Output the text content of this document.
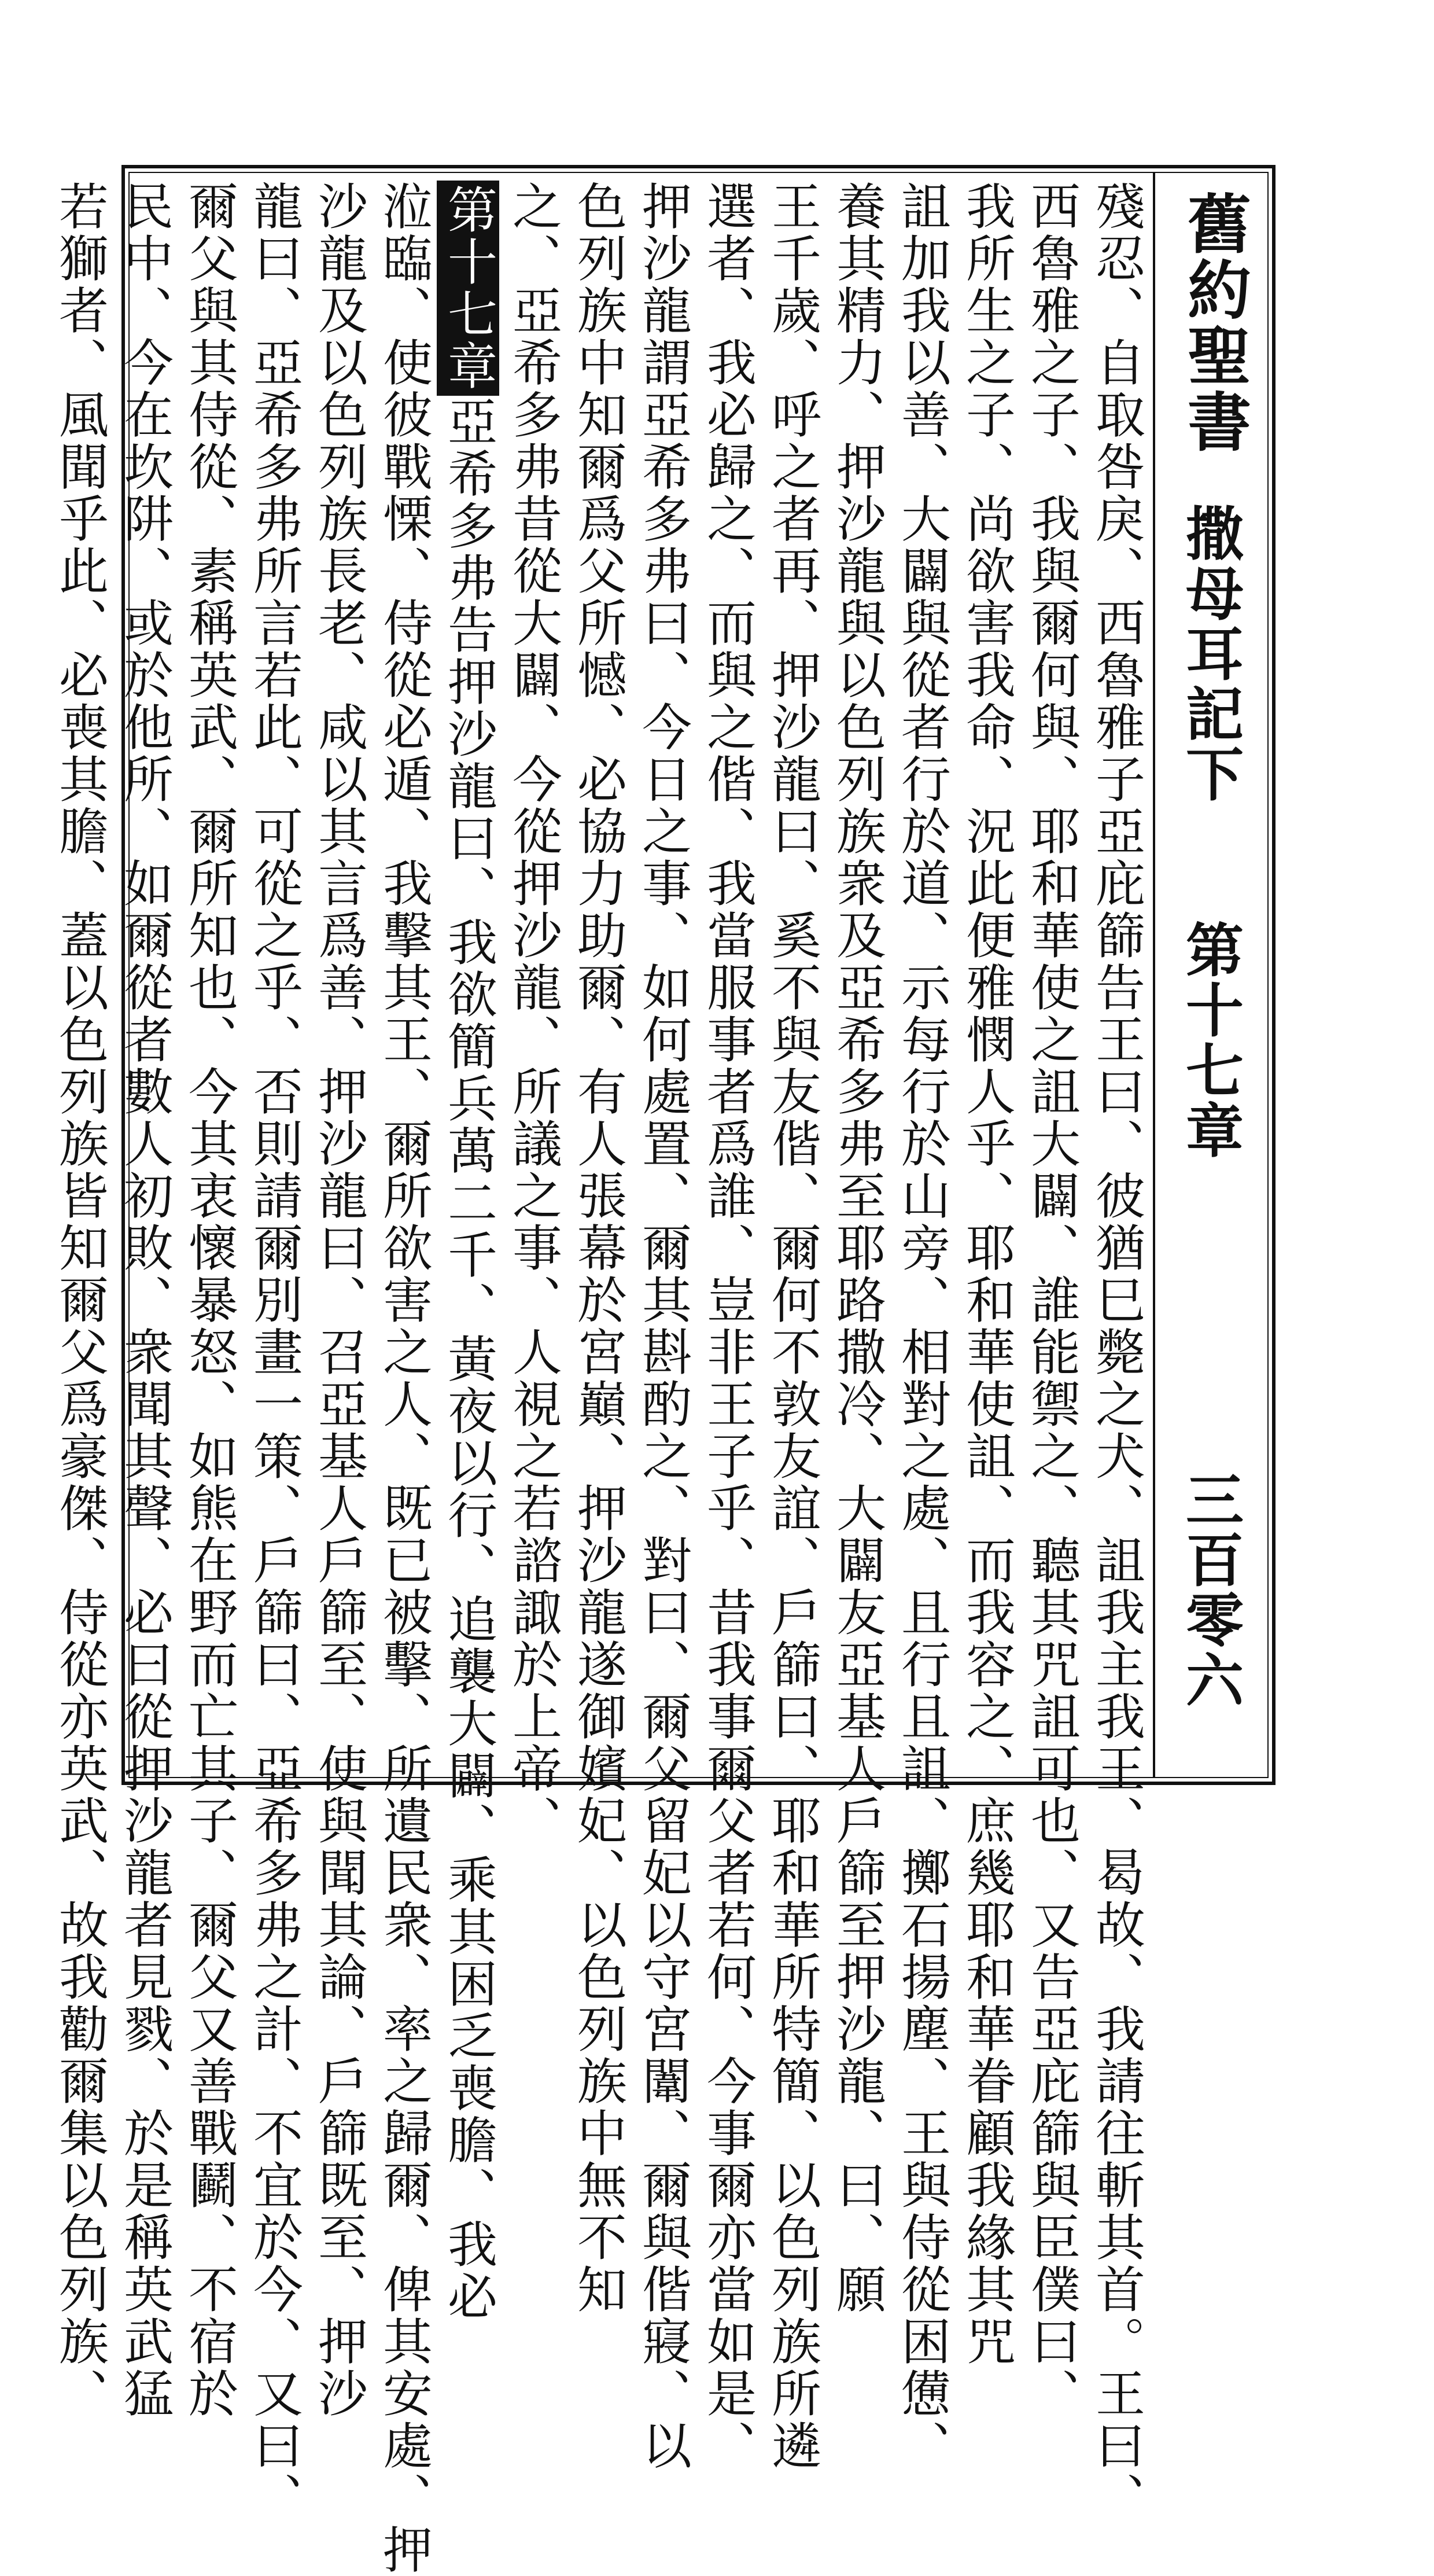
舊約聖書
撒母耳記下
第十七章
三百零六
殘忍、自取咎戾、西魯雅子亞庇篩告王曰、彼猶巳斃之犬、詛我主我王、曷故、我請往斬其首。王曰、
西魯雅之子、我與爾何與、耶和華使之詛大闢、誰能禦之、聽其咒詛可也、又告亞庇篩與臣僕曰、
我所生之子、尚欲害我命、況此便雅憫人乎、耶和華使詛、而我容之、庶幾耶和華眷顧我緣其咒
詛加我以善、大闢與從者行於道、示每行於山旁、相對之處、且行且詛、擲石揚塵、王與侍從困憊、
養其精力、押沙龍與以色列族衆及亞希多弗至耶路撒冷、大闢友亞基人戶篩至押沙龍、曰、願
王千歲、呼之者再、押沙龍曰、奚不與友偕、爾何不敦友誼、戶篩曰、耶和華所特簡、以色列族所遴
選者、我必歸之、而與之偕、我當服事者爲誰、豈非王子乎、昔我事爾父者若何、今事爾亦當如是、
押沙龍謂亞希多弗曰、今日之事、如何處置、爾其斟酌之、對曰、爾父留妃以守宮闈、爾與偕寢、以
色列族中知爾爲父所憾、必協力助爾、有人張幕於宮巔、押沙龍遂御嬪妃、以色列族中無不知
之、亞希多弗昔從大闢、今從押沙龍、所議之事、人視之若諮諏於上帝、
第十七章亞希多弗告押沙龍曰、我欲簡兵萬二千、黃夜以行、追襲大闢、乘其困乏喪膽、我必
涖臨、使彼戰慄、侍從必遁、我擊其王、爾所欲害之人、既已被擊、所遺民衆、率之歸爾、俾其安處、押
沙龍及以色列族長老、咸以其言爲善、押沙龍曰、召亞基人戶篩至、使與聞其論、戶篩既至、押沙
龍曰、亞希多弗所言若此、可從之乎、否則請爾別畫一策、戶篩曰、亞希多弗之計、不宜於今、又曰、
爾父與其侍從、素稱英武、爾所知也、今其衷懷暴怒、如熊在野而亡其子、爾父又善戰鬬、不宿於
民中、今在坎阱、或於他所、如爾從者數人初敗、衆聞其聲、必曰從押沙龍者見戮、於是稱英武猛
若獅者、風聞乎此、必喪其膽、蓋以色列族皆知爾父爲豪傑、侍從亦英武、故我勸爾集以色列族、
